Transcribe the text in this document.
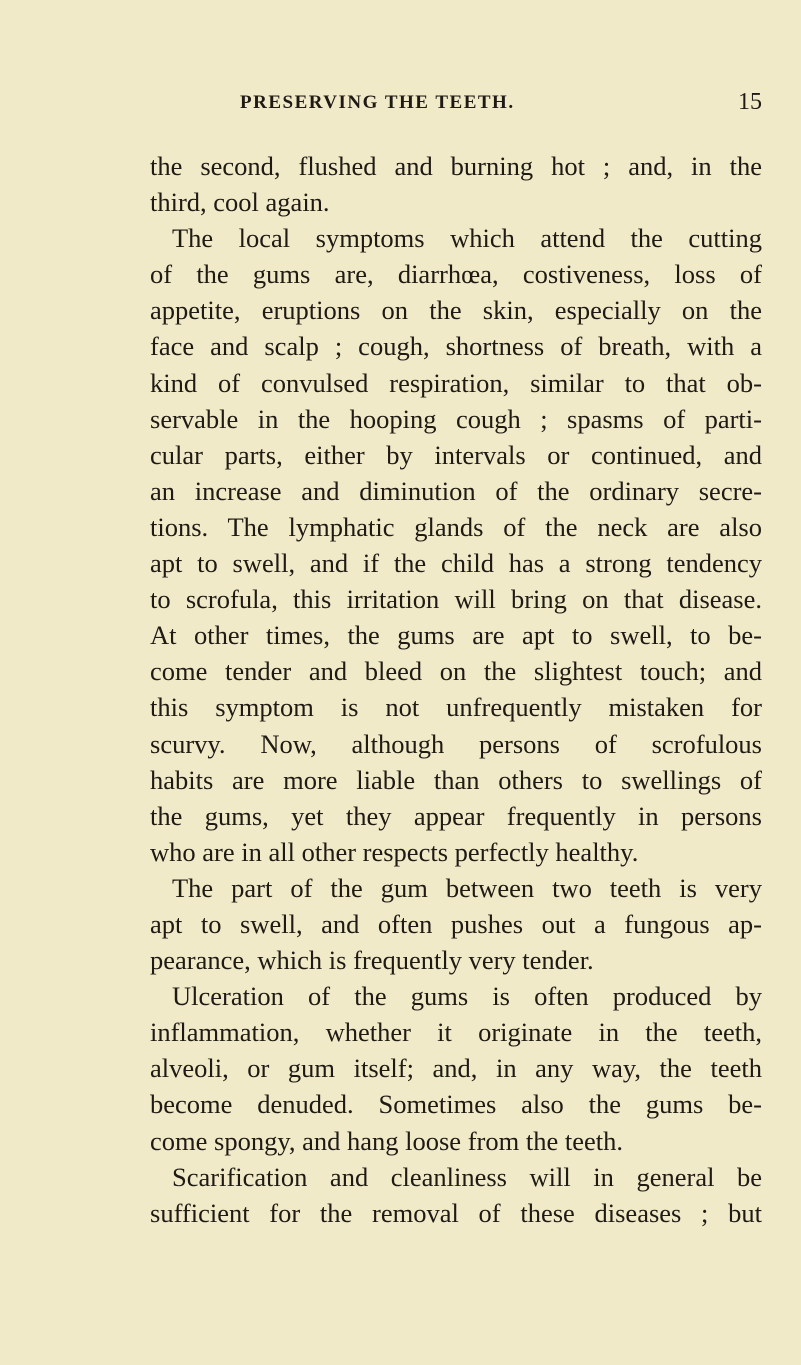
PRESERVING THE TEETH.	15
the second, flushed and burning hot ; and, in the
third, cool again.
The local symptoms which attend the cutting
of the gums are, diarrhœa, costiveness, loss of
appetite, eruptions on the skin, especially on the
face and scalp ; cough, shortness of breath, with a
kind of convulsed respiration, similar to that ob-
servable in the hooping cough ; spasms of parti-
cular parts, either by intervals or continued, and
an increase and diminution of the ordinary secre-
tions. The lymphatic glands of the neck are also
apt to swell, and if the child has a strong tendency
to scrofula, this irritation will bring on that disease.
At other times, the gums are apt to swell, to be-
come tender and bleed on the slightest touch; and
this symptom is not unfrequently mistaken for
scurvy. Now, although persons of scrofulous
habits are more liable than others to swellings of
the gums, yet they appear frequently in persons
who are in all other respects perfectly healthy.
The part of the gum between two teeth is very
apt to swell, and often pushes out a fungous ap-
pearance, which is frequently very tender.
Ulceration of the gums is often produced by
inflammation, whether it originate in the teeth,
alveoli, or gum itself; and, in any way, the teeth
become denuded. Sometimes also the gums be-
come spongy, and hang loose from the teeth.
Scarification and cleanliness will in general be
sufficient for the removal of these diseases ; but
